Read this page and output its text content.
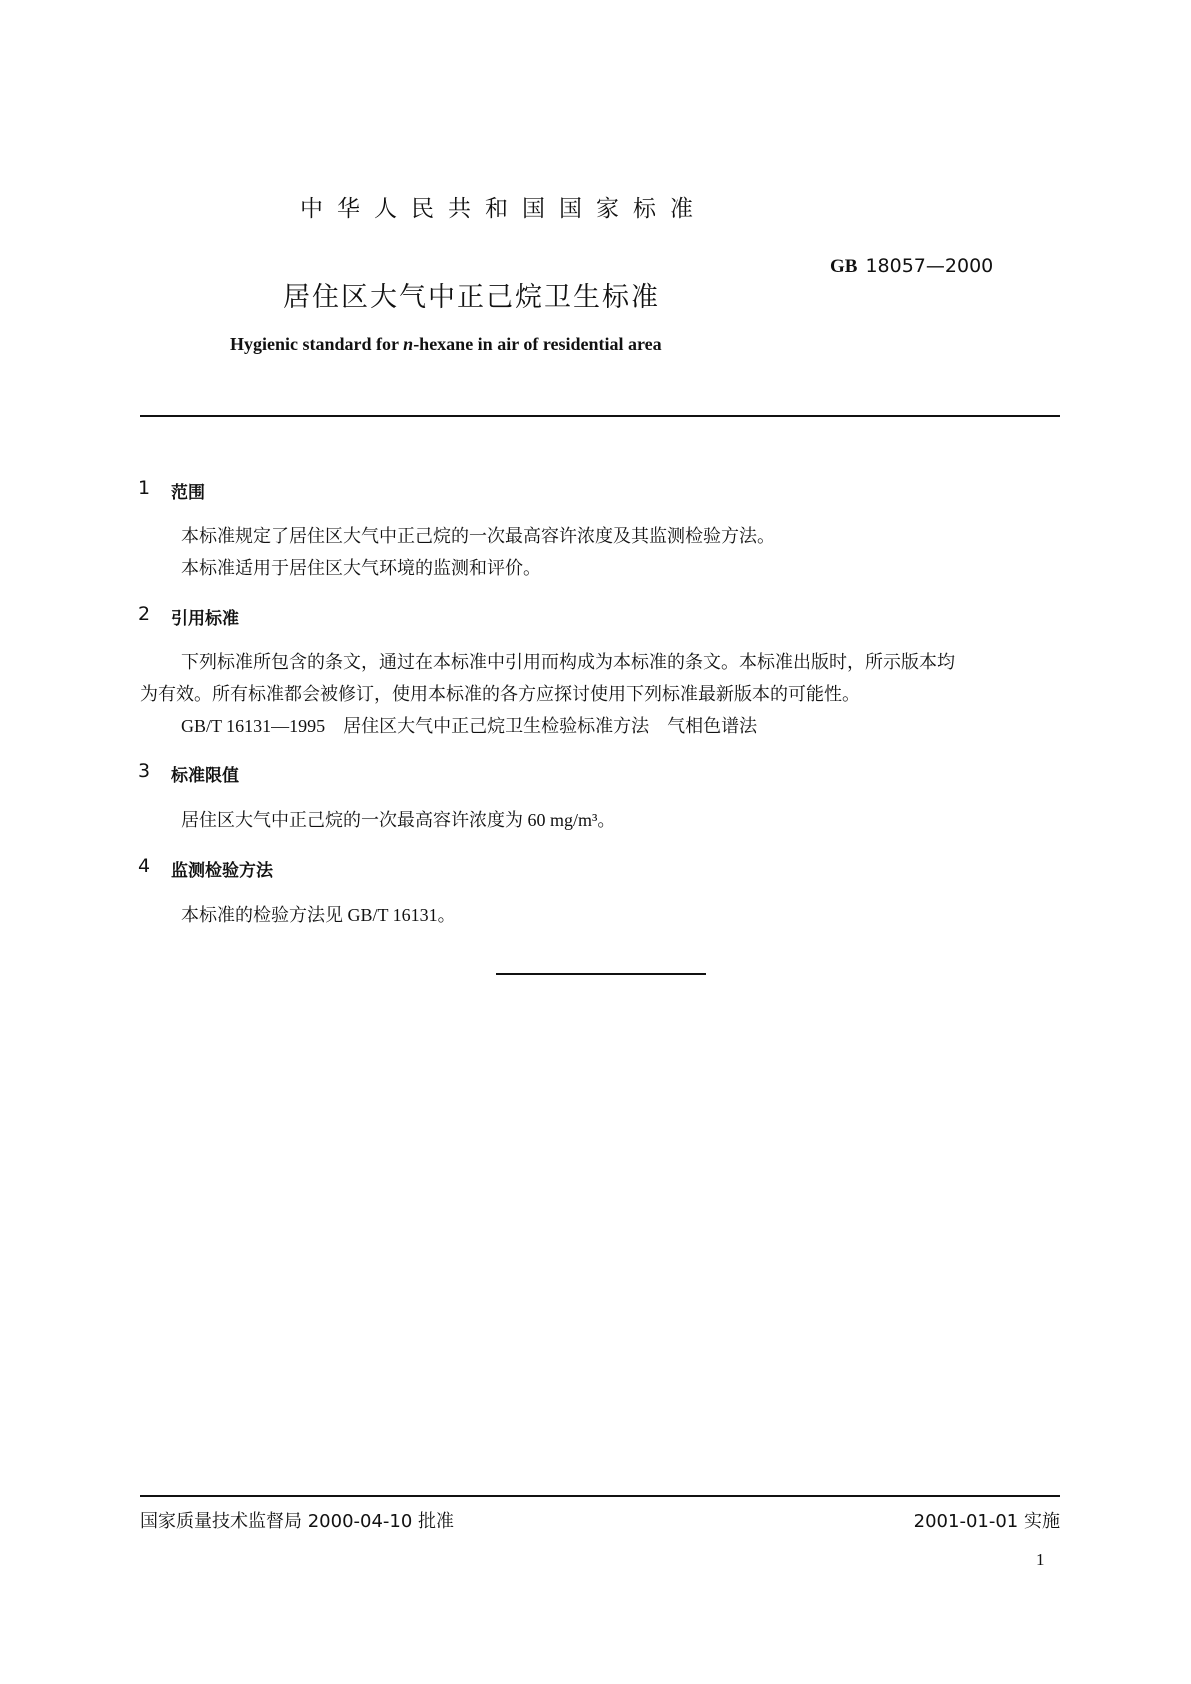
中华人民共和国国家标准
GB 18057—2000
居住区大气中正己烷卫生标准
Hygienic standard for n-hexane in air of residential area
1 范围
本标准规定了居住区大气中正己烷的一次最高容许浓度及其监测检验方法。
本标准适用于居住区大气环境的监测和评价。
2 引用标准
下列标准所包含的条文，通过在本标准中引用而构成为本标准的条文。本标准出版时，所示版本均
为有效。所有标准都会被修订，使用本标准的各方应探讨使用下列标准最新版本的可能性。
GB/T 16131—1995　居住区大气中正己烷卫生检验标准方法　气相色谱法
3 标准限值
居住区大气中正己烷的一次最高容许浓度为 60 mg/m³。
4 监测检验方法
本标准的检验方法见 GB/T 16131。
国家质量技术监督局 2000-04-10 批准	2001-01-01 实施
1
